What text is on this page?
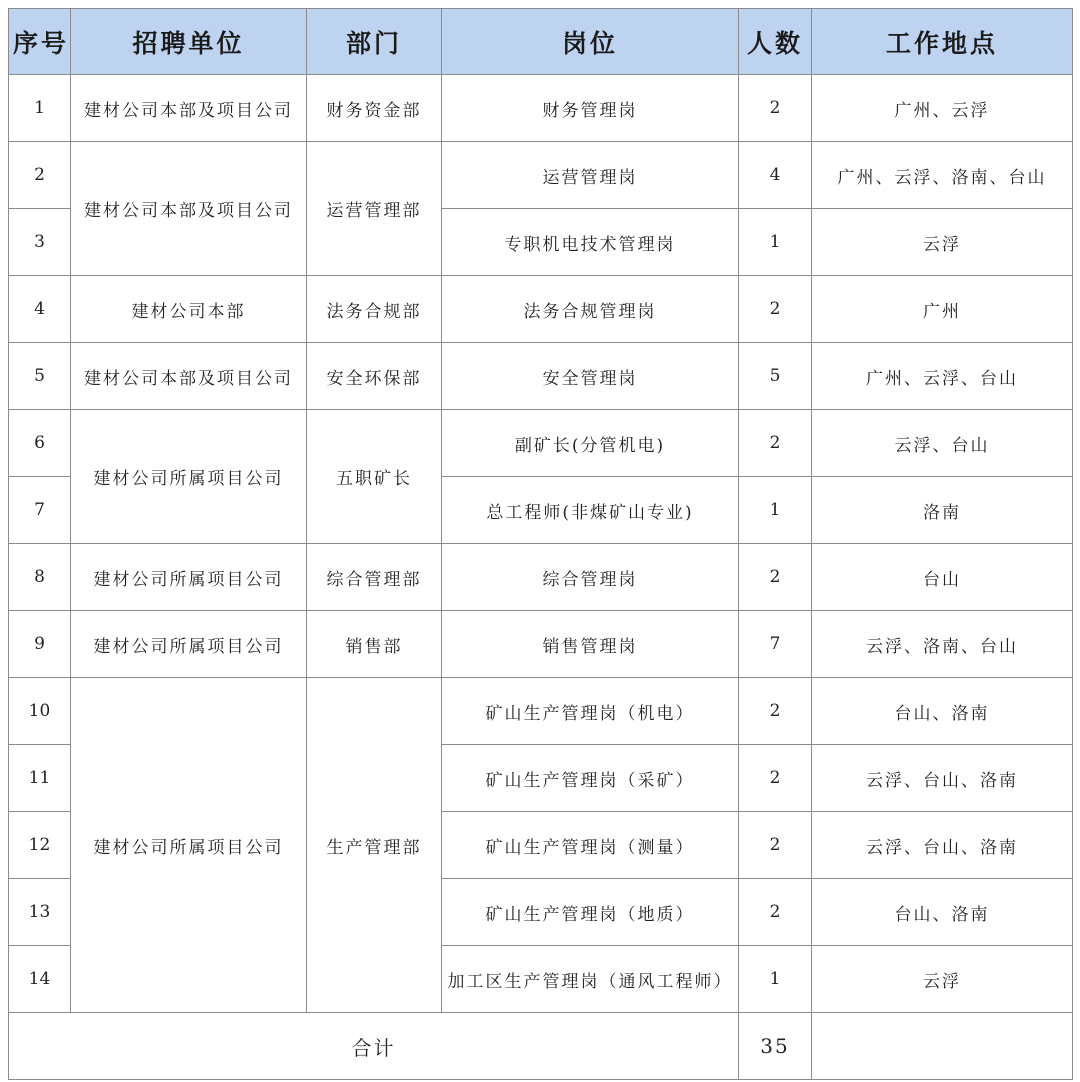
序号	招聘单位	部门	岗位	人数	工作地点
1	建材公司本部及项目公司	财务资金部	财务管理岗	2	广州、云浮
2	建材公司本部及项目公司	运营管理部	运营管理岗	4	广州、云浮、洛南、台山
3			专职机电技术管理岗	1	云浮
4	建材公司本部	法务合规部	法务合规管理岗	2	广州
5	建材公司本部及项目公司	安全环保部	安全管理岗	5	广州、云浮、台山
6	建材公司所属项目公司	五职矿长	副矿长(分管机电)	2	云浮、台山
7			总工程师(非煤矿山专业)	1	洛南
8	建材公司所属项目公司	综合管理部	综合管理岗	2	台山
9	建材公司所属项目公司	销售部	销售管理岗	7	云浮、洛南、台山
10	建材公司所属项目公司	生产管理部	矿山生产管理岗（机电）	2	台山、洛南
11			矿山生产管理岗（采矿）	2	云浮、台山、洛南
12			矿山生产管理岗（测量）	2	云浮、台山、洛南
13			矿山生产管理岗（地质）	2	台山、洛南
14			加工区生产管理岗（通风工程师）	1	云浮
合计				35	
